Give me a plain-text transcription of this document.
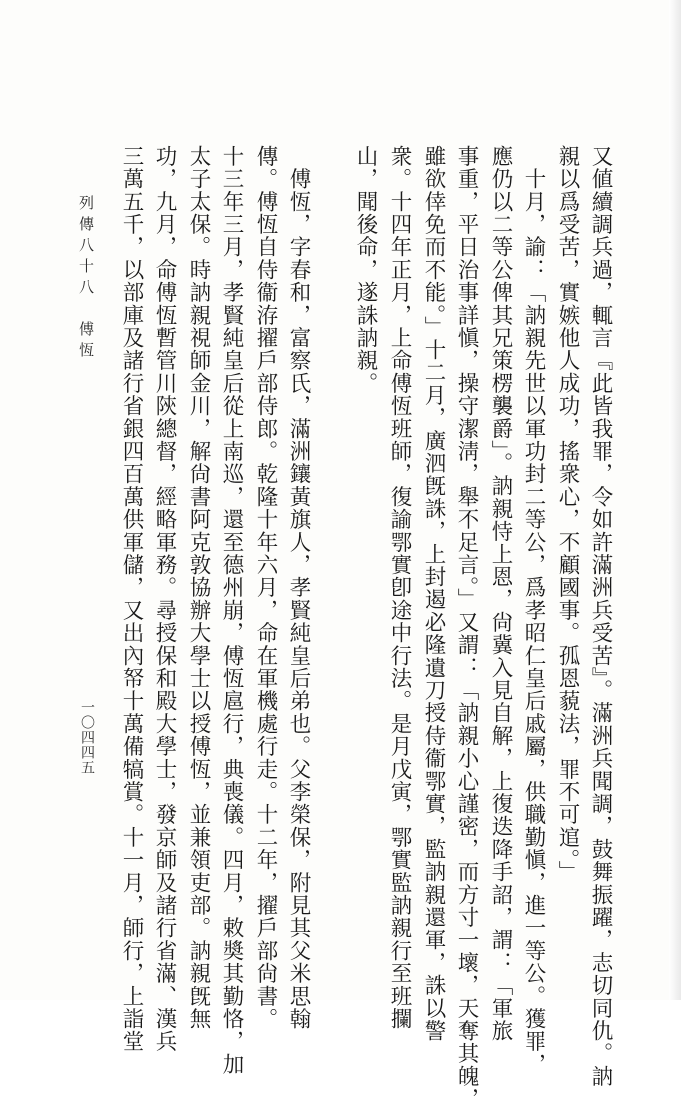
又値續調兵過，輒言『此皆我罪，令如許滿洲兵受苦』。滿洲兵聞調，鼓舞振躍，志切同仇。訥
親以爲受苦，實嫉他人成功，搖衆心，不顧國事。孤恩藐法，罪不可逭。」
　十月，諭：「訥親先世以軍功封二等公，爲孝昭仁皇后戚屬，供職勤愼，進一等公。獲罪，
應仍以二等公俾其兄策楞襲爵」。訥親恃上恩，尙冀入見自解，上復迭降手詔，謂：「軍旅
事重，平日治事詳愼，操守潔淸，舉不足言。」又謂：「訥親小心謹密，而方寸一壞，天奪其魄，
雖欲倖免而不能。」十二月，廣泗旣誅，上封遏必隆遺刀授侍衞鄂實，監訥親還軍，誅以警
衆。十四年正月，上命傅恆班師，復諭鄂實卽途中行法。是月戊寅，鄂實監訥親行至班攔
山，聞後命，遂誅訥親。
　傅恆，字春和，富察氏，滿洲鑲黃旗人，孝賢純皇后弟也。父李榮保，附見其父米思翰
傳。傅恆自侍衞洊擢戶部侍郎。乾隆十年六月，命在軍機處行走。十二年，擢戶部尙書。
十三年三月，孝賢純皇后從上南巡，還至德州崩，傅恆扈行，典喪儀。四月，敕奬其勤恪，加
太子太保。時訥親視師金川，解尙書阿克敦協辦大學士以授傅恆，並兼領吏部。訥親旣無
功，九月，命傅恆暫管川陝總督，經略軍務。尋授保和殿大學士，發京師及諸行省滿、漢兵
三萬五千，以部庫及諸行省銀四百萬供軍儲，又出內帑十萬備犒賞。十一月，師行，上詣堂
列傳八十八　傅恆
一〇四四五
